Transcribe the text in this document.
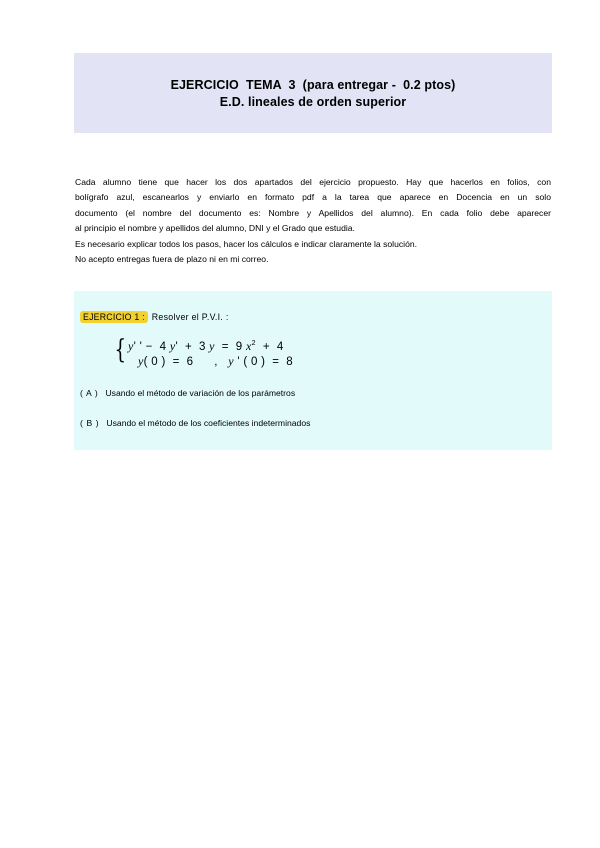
EJERCICIO  TEMA  3  (para entregar -  0.2 ptos)
E.D. lineales de orden superior
Cada alumno tiene que hacer los dos apartados del ejercicio propuesto. Hay que hacerlos en folios, con
bolígrafo azul, escanearlos y enviarlo en formato pdf a la tarea que aparece en Docencia en un solo
documento (el nombre del documento es: Nombre y Apellidos del alumno). En cada folio debe aparecer
al principio el nombre y apellidos del alumno, DNI y el Grado que estudia.
Es necesario explicar todos los pasos, hacer los cálculos e indicar claramente la solución.
No acepto entregas fuera de plazo ni en mi correo.
EJERCICIO 1 : Resolver el P.V.I. :
{ y' ' −  4 y'  +  3 y  =  9 $x^2 + 4$
y( 0 )  =  6      ,   y ' ( 0 )  =  8
( A ) Usando el método de variación de los parámetros
( B ) Usando el método de los coeficientes indeterminados
